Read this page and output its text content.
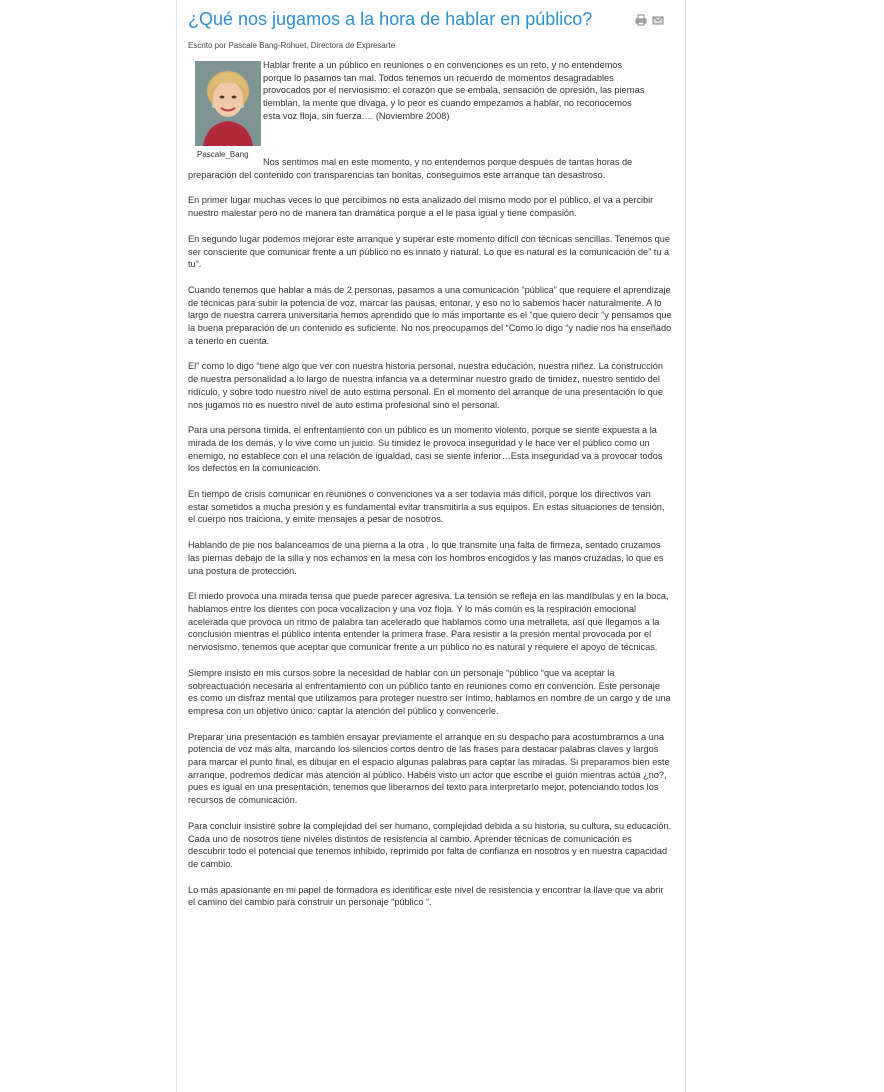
¿Qué nos jugamos a la hora de hablar en público?
Escrito por Pascale Bang-Rohuet, Directora de Expresarte
Pascale_Bang
Hablar frente a un público en reuniones o en convenciones es un reto, y no entendemos porque lo pasamos tan mal. Todos tenemos un recuerdo de momentos desagradables provocados por el nerviosismo: el corazón que se embala, sensación de opresión, las piernas tiemblan, la mente que divaga, y lo peor es cuando empezamos a hablar, no reconocemos esta voz floja, sin fuerza…. (Noviembre 2008)

Nos sentimos mal en este momento, y no entendemos porque después de tantas horas de preparación del contenido con transparencias tan bonitas, conseguimos este arranque tan desastroso.

En primer lugar muchas veces lo que percibimos no esta analizado del mismo modo por el público, el va a percibir nuestro malestar pero no de manera tan dramática porque a el le pasa igual y tiene compasión.

En segundo lugar podemos mejorar este arranque y superar este momento difícil con técnicas sencillas. Tenemos que ser consciente que comunicar frente a un público no es innato y natural. Lo que es natural es la comunicación de” tu a tu”.

Cuando tenemos que hablar a más de 2 personas, pasamos a una comunicación “pública” que requiere el aprendizaje de técnicas para subir la potencia de voz, marcar las pausas, entonar, y eso no lo sabemos hacer naturalmente. A lo largo de nuestra carrera universitaria hemos aprendido que lo más importante es el “que quiero decir “y pensamos que la buena preparación de un contenido es suficiente. No nos preocupamos del “Como lo digo “y nadie nos ha enseñado a tenerlo en cuenta.

El” como lo digo “tiene algo que ver con nuestra historia personal, nuestra educación, nuestra niñez. La construcción de nuestra personalidad a lo largo de nuestra infancia va a determinar nuestro grado de timidez, nuestro sentido del ridículo, y sobre todo nuestro nivel de auto estima personal. En el momento del arranque de una presentación lo que nos jugamos no es nuestro nivel de auto estima profesional sino el personal.

Para una persona tímida, el enfrentamiento con un público es un momento violento, porque se siente expuesta a la mirada de los demás, y lo vive como un juicio. Su timidez le provoca inseguridad y le hace ver el público como un enemigo, no establece con el una relación de igualdad, casi se siente inferior…Esta inseguridad va a provocar todos los defectos en la comunicación.

En tiempo de crisis comunicar en reuniones o convenciones va a ser todavía más difícil, porque los directivos van estar sometidos a mucha presión y es fundamental evitar transmitirla a sus equipos. En estas situaciones de tensión, el cuerpo nos traiciona, y emite mensajes a pesar de nosotros.

Hablando de pie nos balanceamos de una pierna a la otra , lo que transmite una falta de firmeza, sentado cruzamos las piernas debajo de la silla y nos echamos en la mesa con los hombros encogidos y las manos cruzadas, lo que es una postura de protección.

El miedo provoca una mirada tensa que puede parecer agresiva. La tensión se refleja en las mandíbulas y en la boca, hablamos entre los dientes con poca vocalizacion y una voz floja. Y lo más común es la respiración emocional acelerada que provoca un ritmo de palabra tan acelerado que hablamos como una metralleta, así que llegamos a la conclusión mientras el público intenta entender la primera frase. Para resistir a la presión mental provocada por el nerviosismo, tenemos que aceptar que comunicar frente a un público no es natural y requiere el apoyo de técnicas.

Siempre insisto en mis cursos sobre la necesidad de hablar con un personaje “público “que va aceptar la sobreactuación necesaria al enfrentamiento con un público tanto en reuniones como en convención. Este personaje es como un disfraz mental que utilizamos para proteger nuestro ser íntimo, hablamos en nombre de un cargo y de una empresa con un objetivo único: captar la atención del público y convencerle.

Preparar una presentación es también ensayar previamente el arranque en su despacho para acostumbrarnos a una potencia de voz más alta, marcando los silencios cortos dentro de las frases para destacar palabras claves y largos para marcar el punto final, es dibujar en el espacio algunas palabras para captar las miradas. Si preparamos bien este arranque, podremos dedicar más atención al público. Habéis visto un actor que escribe el guión mientras actúa ¿no?, pues es igual en una presentación, tenemos que liberarnos del texto para interpretarlo mejor, potenciando todos los recursos de comunicación.

Para concluir insistiré sobre la complejidad del ser humano, complejidad debida a su historia, su cultura, su educación. Cada uno de nosotros tiene niveles distintos de resistencia al cambio. Aprender técnicas de comunicación es descubrir todo el potencial que tenemos inhibido, reprimido por falta de confianza en nosotros y en nuestra capacidad de cambio.

Lo más apasionante en mi papel de formadora es identificar este nivel de resistencia y encontrar la llave que va abrir el camino del cambio para construir un personaje “público “.
